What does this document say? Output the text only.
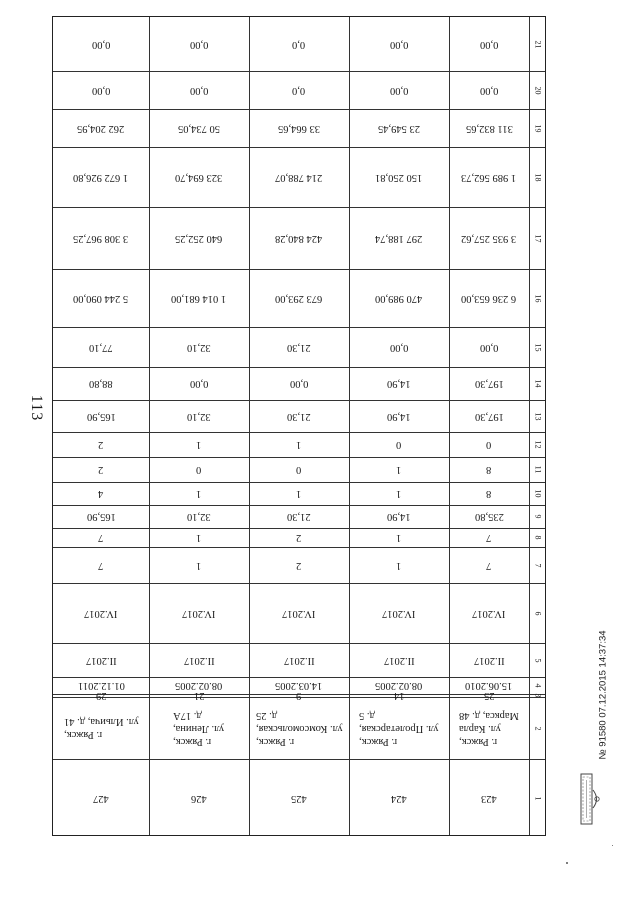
113
1
2
3
4
5
6
7
8
9
10
11
12
13
14
15
16
17
18
19
20
21
423
г. Ряжск,
ул. Карла
Маркса, д. 48
25
15.06.2010
II.2017
IV.2017
7
7
235,80
8
8
0
197,30
197,30
0,00
6 236 653,00
3 935 257,62
1 989 562,73
311 832,65
0,00
0,00
424
г. Ряжск,
ул. Пролетарская,
д. 5
14
08.02.2005
II.2017
IV.2017
1
1
14,90
1
1
0
14,90
14,90
0,00
470 989,00
297 188,74
150 250,81
23 549,45
0,00
0,00
425
г. Ряжск,
ул. Комсомольская,
д. 25
9
14.03.2005
II.2017
IV.2017
2
2
21,30
1
0
1
21,30
0,00
21,30
673 293,00
424 840,28
214 788,07
33 664,65
0,0
0,0
426
г. Ряжск,
ул. Ленина,
д. 17А
21
08.02.2005
II.2017
IV.2017
1
1
32,10
1
0
1
32,10
0,00
32,10
1 014 681,00
640 252,25
323 694,70
50 734,05
0,00
0,00
427
г. Ряжск,
ул. Ильича, д. 41
29
01.12.2011
II.2017
IV.2017
7
7
165,90
4
2
2
165,90
88,80
77,10
5 244 090,00
3 308 967,25
1 672 926,80
262 204,95
0,00
0,00
№ 91580 07.12.2015 14:37:34
